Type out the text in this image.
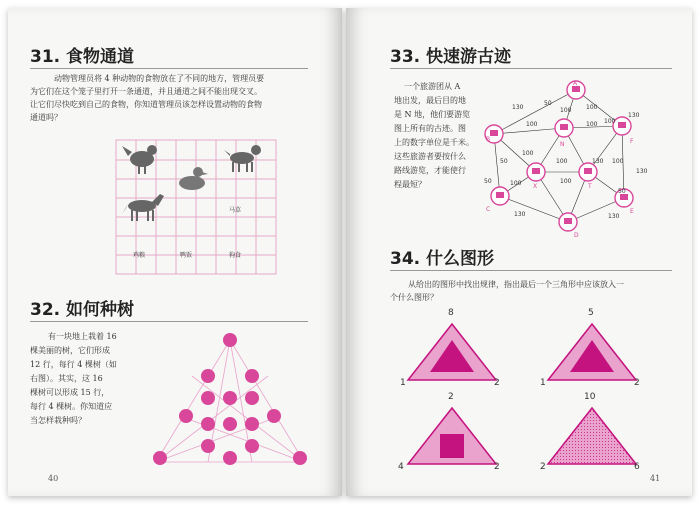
31. 食物通道
动物管理员将 4 种动物的食物放在了不同的地方，管理员要
为它们在这个笼子里打开一条通道，并且通道之间不能出现交叉。
让它们尽快吃到自己的食物，你知道管理员该怎样设置动物的食物
通道吗？
马草
鸡粮	鸭饭	狗食
32. 如何种树
有一块地上栽着 16
棵美丽的树，它们形成
12 行，每行 4 棵树（如
右图）。其实，这 16
棵树可以形成 15 行，
每行 4 棵树。你知道应
当怎样栽种吗？
40
33. 快速游古迹
一个旅游团从 A
地出发，最后目的地
是 N 地，他们要游览
图上所有的古迹。图
上的数字单位是千米。
这些旅游者要按什么
路线游览，才能使行
程最短？
A
B
N	F
C
X	T
E
D
50
130	100 100
100	100 100
130
50
100
100	130 100
50
130
100	100
130
50
130
34. 什么图形
从给出的图形中找出规律，指出最后一个三角形中应该放入一
个什么图形？
8
1	2
5
1	2
2
4	2
10
2	6
41
